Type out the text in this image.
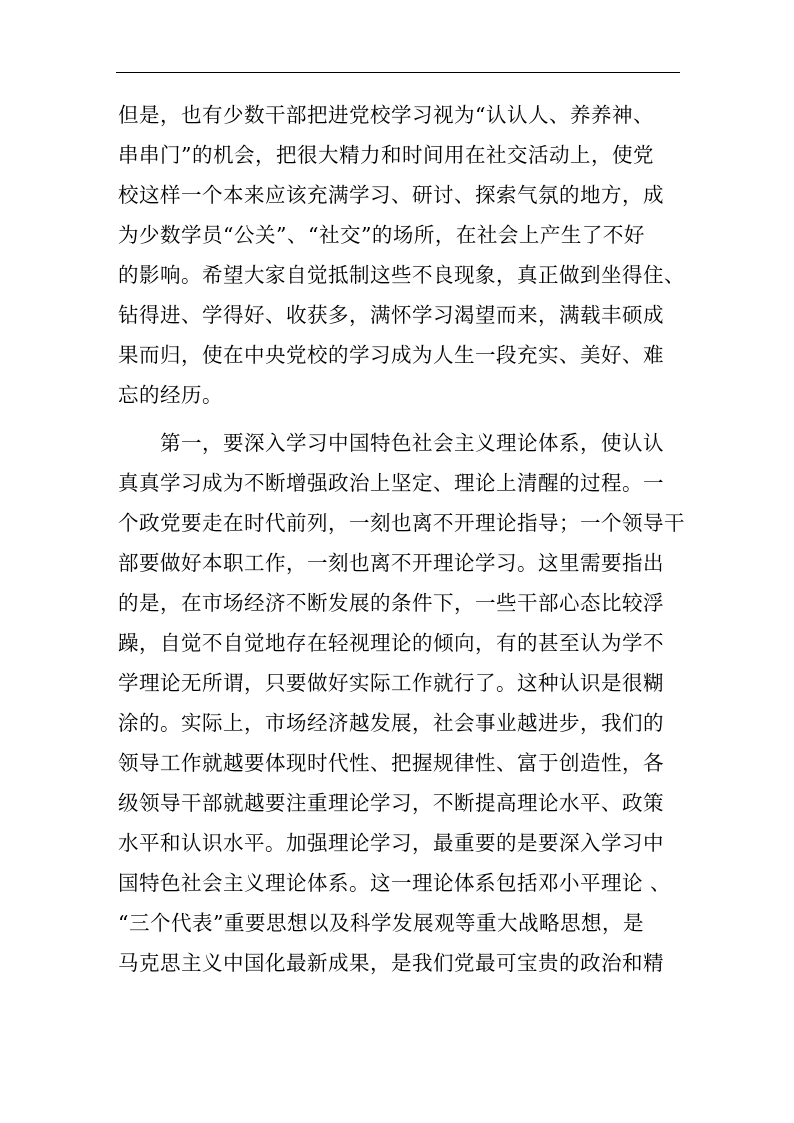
但是，也有少数干部把进党校学习视为“认认人、养养神、
串串门”的机会，把很大精力和时间用在社交活动上，使党
校这样一个本来应该充满学习、研讨、探索气氛的地方，成
为少数学员“公关”、“社交”的场所，在社会上产生了不好
的影响。希望大家自觉抵制这些不良现象，真正做到坐得住、
钻得进、学得好、收获多，满怀学习渴望而来，满载丰硕成
果而归，使在中央党校的学习成为人生一段充实、美好、难
忘的经历。
第一，要深入学习中国特色社会主义理论体系，使认认
真真学习成为不断增强政治上坚定、理论上清醒的过程。一
个政党要走在时代前列，一刻也离不开理论指导；一个领导干
部要做好本职工作，一刻也离不开理论学习。这里需要指出
的是，在市场经济不断发展的条件下，一些干部心态比较浮
躁，自觉不自觉地存在轻视理论的倾向，有的甚至认为学不
学理论无所谓，只要做好实际工作就行了。这种认识是很糊
涂的。实际上，市场经济越发展，社会事业越进步，我们的
领导工作就越要体现时代性、把握规律性、富于创造性，各
级领导干部就越要注重理论学习，不断提高理论水平、政策
水平和认识水平。加强理论学习，最重要的是要深入学习中
国特色社会主义理论体系。这一理论体系包括邓小平理论 、
“三个代表”重要思想以及科学发展观等重大战略思想，是
马克思主义中国化最新成果，是我们党最可宝贵的政治和精
